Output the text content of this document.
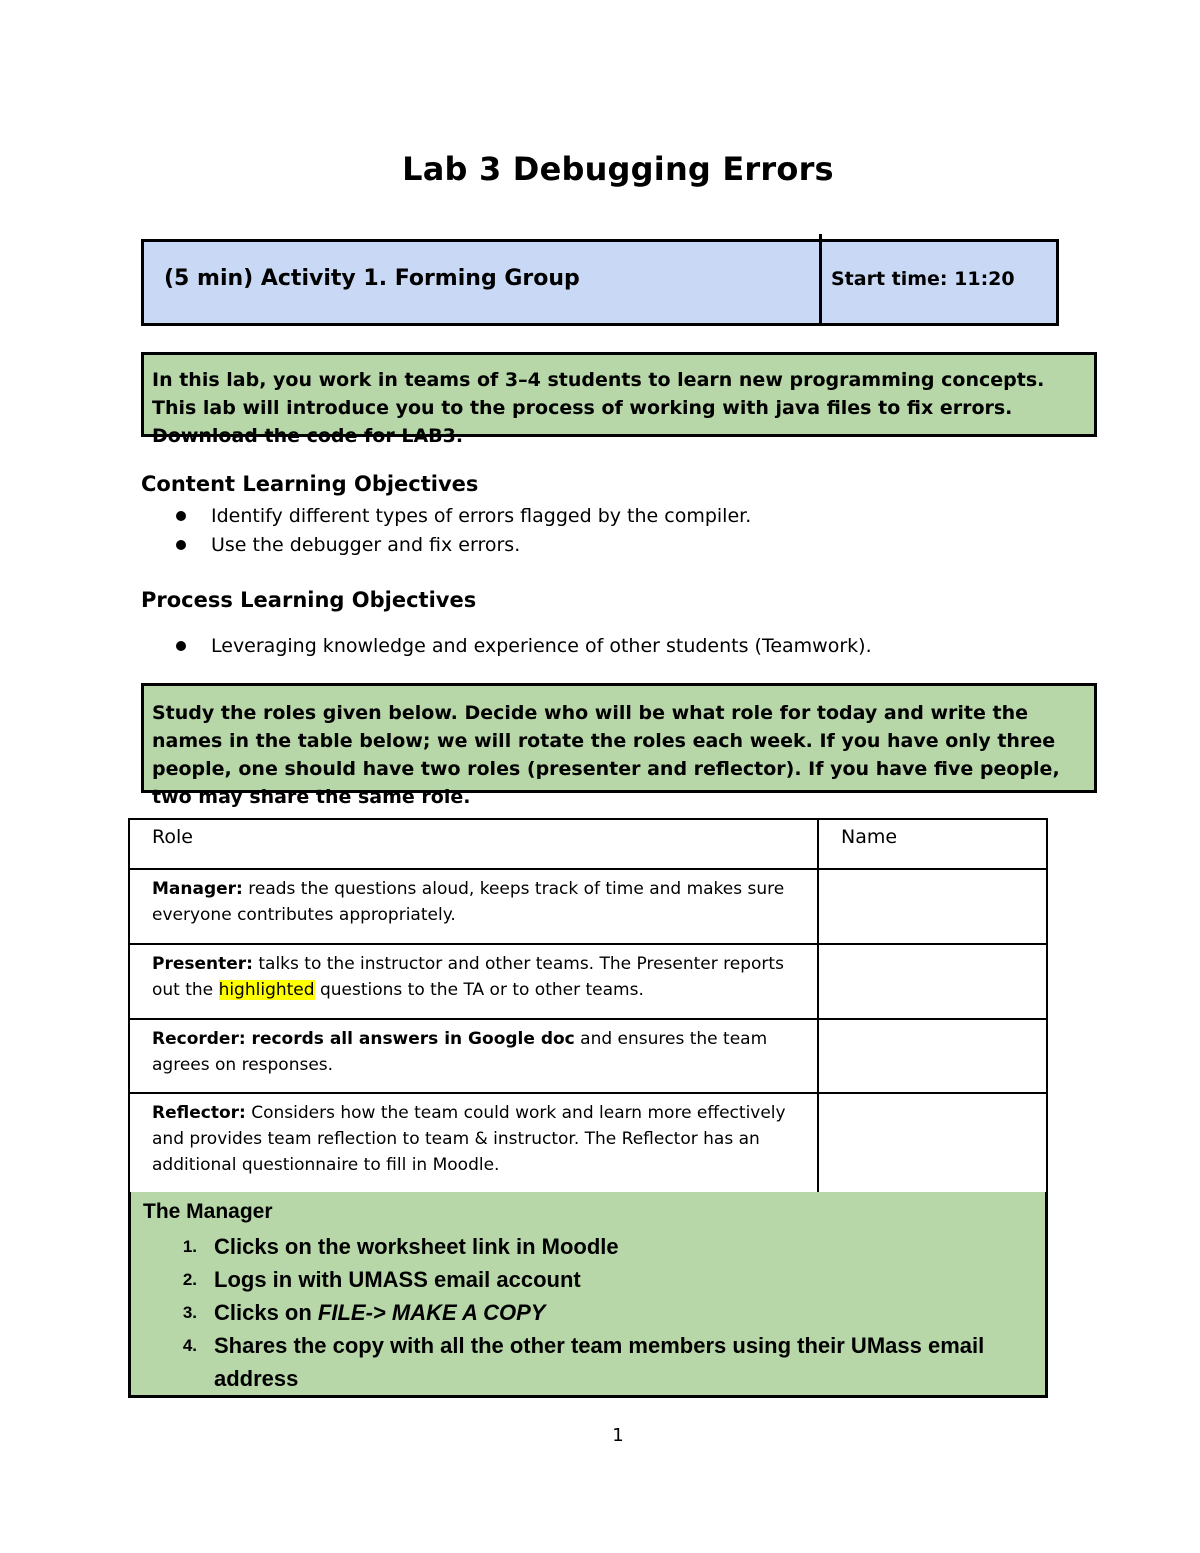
Lab 3 Debugging Errors
(5 min) Activity 1. Forming Group	Start time: 11:20
In this lab, you work in teams of 3–4 students to learn new programming concepts. This lab will introduce you to the process of working with java files to fix errors. Download the code for LAB3.
Content Learning Objectives
Identify different types of errors flagged by the compiler.
Use the debugger and fix errors.
Process Learning Objectives
Leveraging knowledge and experience of other students (Teamwork).
Study the roles given below. Decide who will be what role for today and write the names in the table below; we will rotate the roles each week. If you have only three people, one should have two roles (presenter and reflector). If you have five people, two may share the same role.
Role	Name
Manager: reads the questions aloud, keeps track of time and makes sure everyone contributes appropriately.	
Presenter: talks to the instructor and other teams. The Presenter reports out the highlighted questions to the TA or to other teams.	
Recorder: records all answers in Google doc and ensures the team agrees on responses.	
Reflector: Considers how the team could work and learn more effectively and provides team reflection to team & instructor. The Reflector has an additional questionnaire to fill in Moodle.	
The Manager
1. Clicks on the worksheet link in Moodle
2. Logs in with UMASS email account
3. Clicks on FILE-> MAKE A COPY
4. Shares the copy with all the other team members using their UMass email address
1
